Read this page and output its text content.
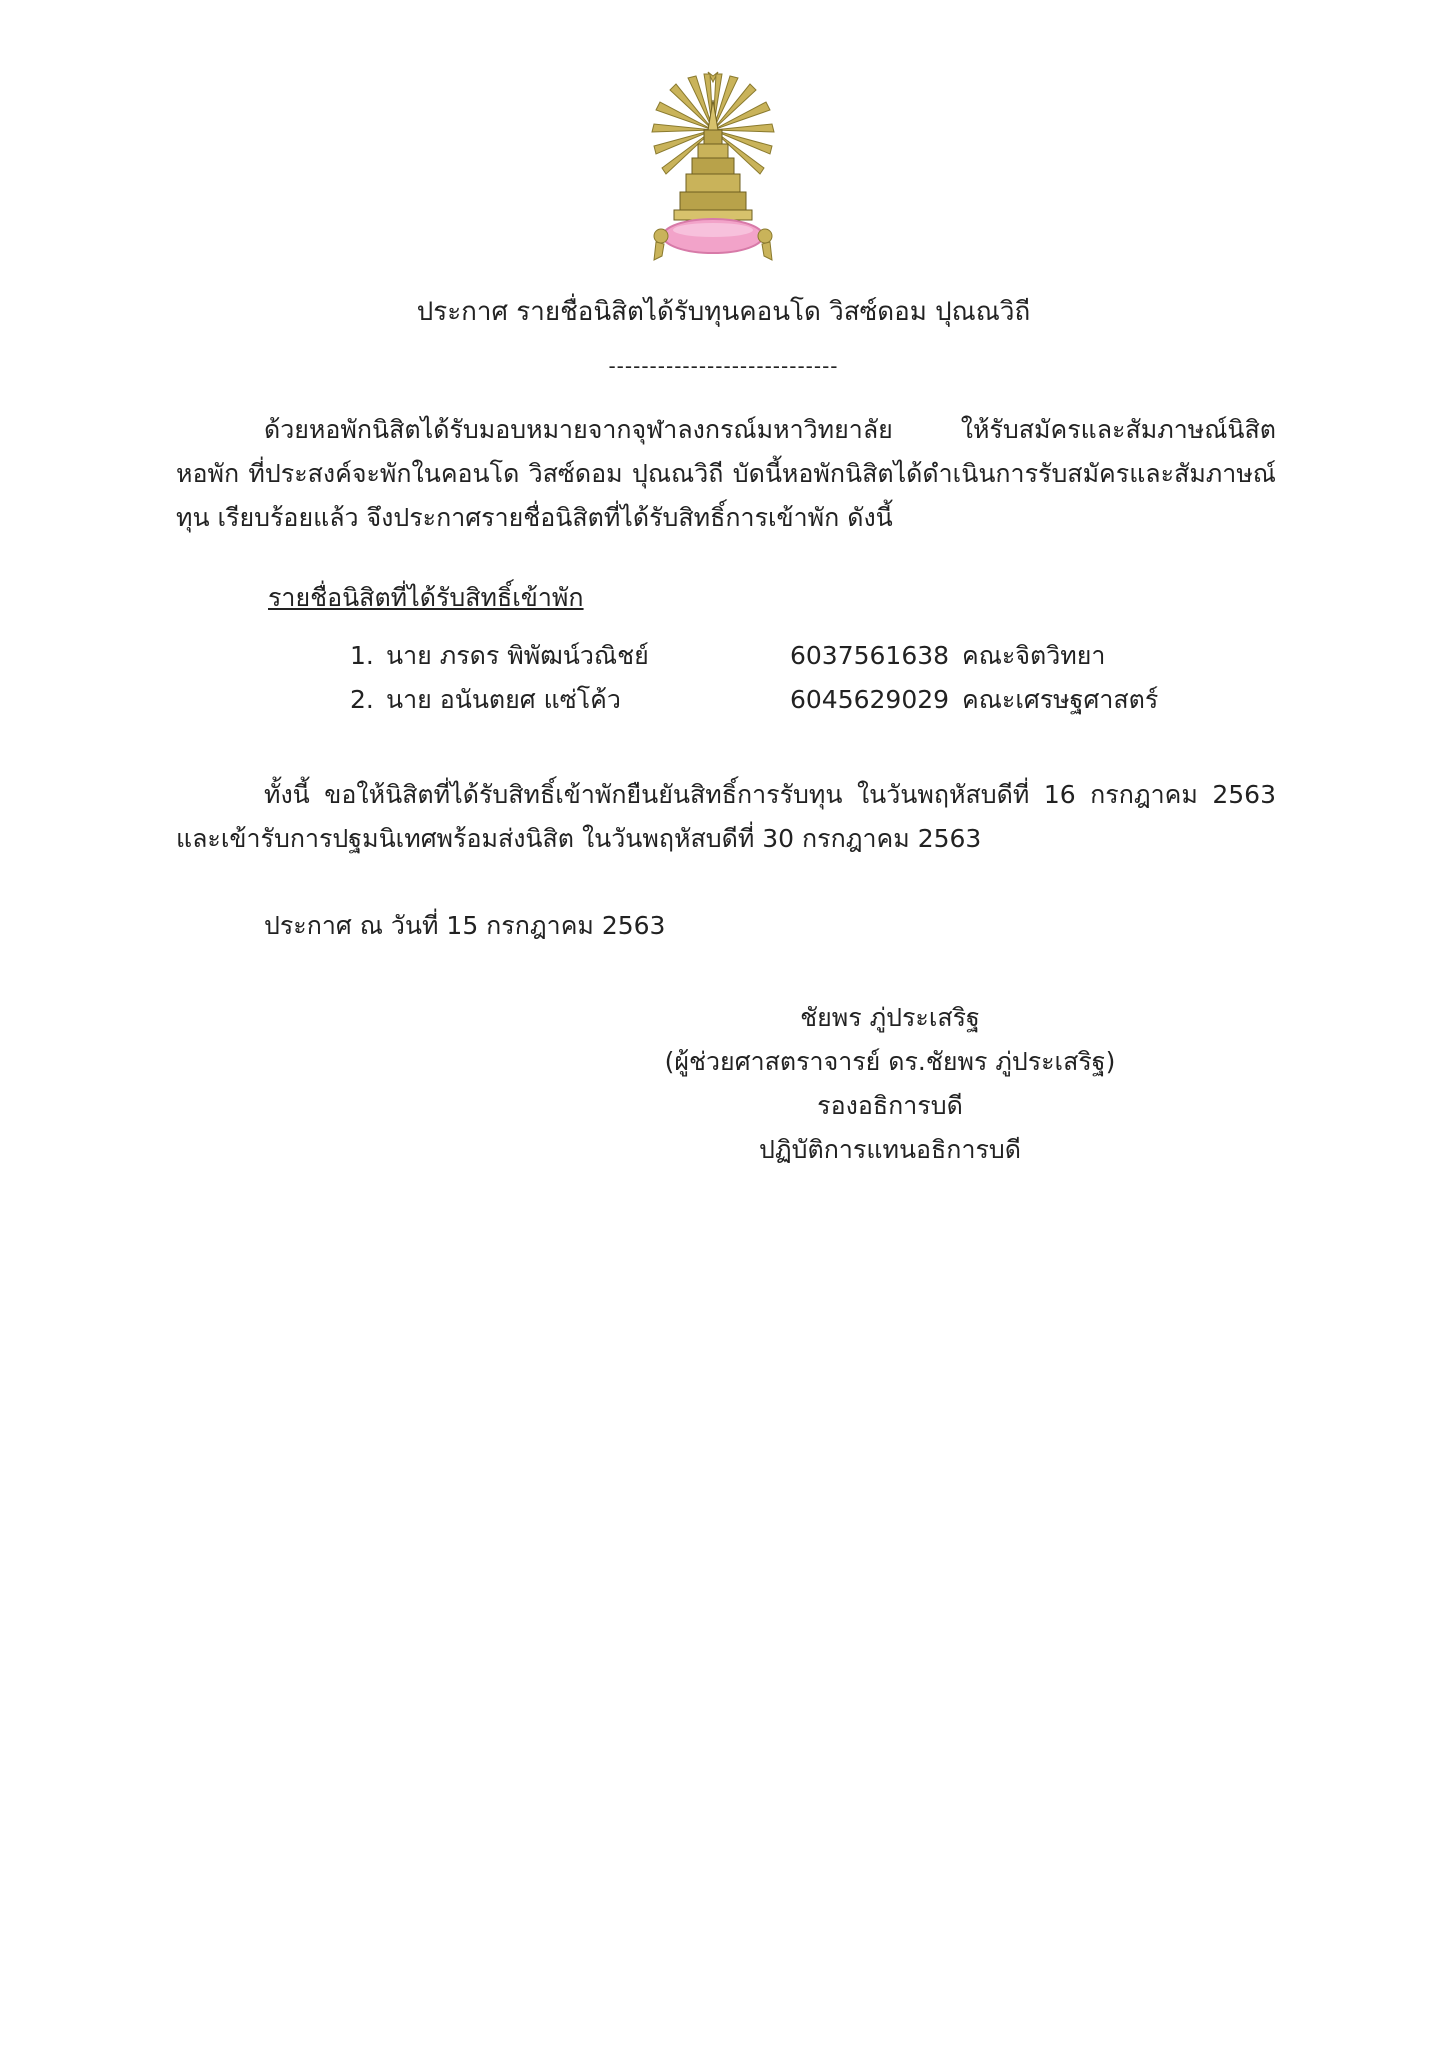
ประกาศ รายชื่อนิสิตได้รับทุนคอนโด วิสซ์ดอม ปุณณวิถี
----------------------------

ด้วยหอพักนิสิตได้รับมอบหมายจากจุฬาลงกรณ์มหาวิทยาลัย ให้รับสมัครและสัมภาษณ์นิสิตหอพัก ที่ประสงค์จะพักในคอนโด วิสซ์ดอม ปุณณวิถี บัดนี้หอพักนิสิตได้ดำเนินการรับสมัครและสัมภาษณ์ทุน เรียบร้อยแล้ว จึงประกาศรายชื่อนิสิตที่ได้รับสิทธิ์การเข้าพัก ดังนี้

รายชื่อนิสิตที่ได้รับสิทธิ์เข้าพัก
1. นาย ภรดร พิพัฒน์วณิชย์	6037561638 คณะจิตวิทยา
2. นาย อนันตยศ แซ่โค้ว	6045629029 คณะเศรษฐศาสตร์

ทั้งนี้ ขอให้นิสิตที่ได้รับสิทธิ์เข้าพักยืนยันสิทธิ์การรับทุน ในวันพฤหัสบดีที่ 16 กรกฎาคม 2563 และเข้ารับการปฐมนิเทศพร้อมส่งนิสิต ในวันพฤหัสบดีที่ 30 กรกฎาคม 2563

ประกาศ ณ วันที่ 15 กรกฎาคม 2563
ชัยพร ภู่ประเสริฐ
(ผู้ช่วยศาสตราจารย์ ดร.ชัยพร ภู่ประเสริฐ)
รองอธิการบดี
ปฏิบัติการแทนอธิการบดี
